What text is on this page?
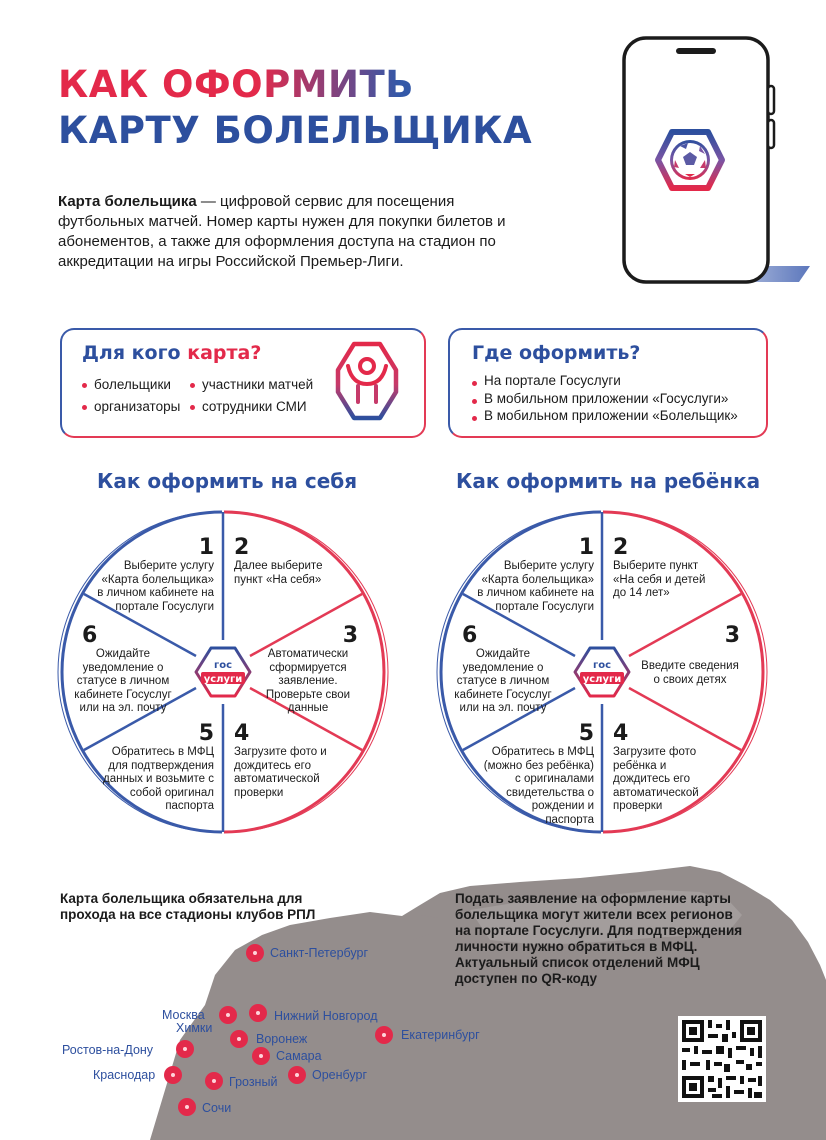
КАК ОФОРМИТЬ
КАРТУ БОЛЕЛЬЩИКА
Карта болельщика — цифровой сервис для посещения футбольных матчей. Номер карты нужен для покупки билетов и абонементов, а также для оформления доступа на стадион по аккредитации на игры Российской Премьер-Лиги.
Для кого карта?
болельщики
организаторы
участники матчей
сотрудники СМИ
Где оформить?
На портале Госуслуги
В мобильном приложении «Госуслуги»
В мобильном приложении «Болельщик»
Как оформить на себя	Как оформить на ребёнка
гос
услуги
гос
услуги
1
Выберите услугу «Карта болельщика» в личном кабинете на портале Госуслуги
2
Далее выберите пункт «На себя»
3
Автоматически сформируется заявление. Проверьте свои данные
4
Загрузите фото и дождитесь его автоматической проверки
5
Обратитесь в МФЦ для подтверждения данных и возьмите с собой оригинал паспорта
6
Ожидайте уведомление о статусе в личном кабинете Госуслуг или на эл. почту
1
Выберите услугу «Карта болельщика» в личном кабинете на портале Госуслуги
2
Выберите пункт «На себя и детей до 14 лет»
3
Введите сведения о своих детях
4
Загрузите фото ребёнка и дождитесь его автоматической проверки
5
Обратитесь в МФЦ (можно без ребёнка) с оригиналами свидетельства о рождении и паспорта
6
Ожидайте уведомление о статусе в личном кабинете Госуслуг или на эл. почту
Карта болельщика обязательна для прохода на все стадионы клубов РПЛ
Подать заявление на оформление карты болельщика могут жители всех регионов на портале Госуслуги. Для подтверждения личности нужно обратиться в МФЦ. Актуальный список отделений МФЦ доступен по QR-коду
Санкт-Петербург
Москва
Химки
Нижний Новгород
Екатеринбург
Ростов-на-Дону
Воронеж
Самара
Краснодар	Грозный	Оренбург
Сочи
